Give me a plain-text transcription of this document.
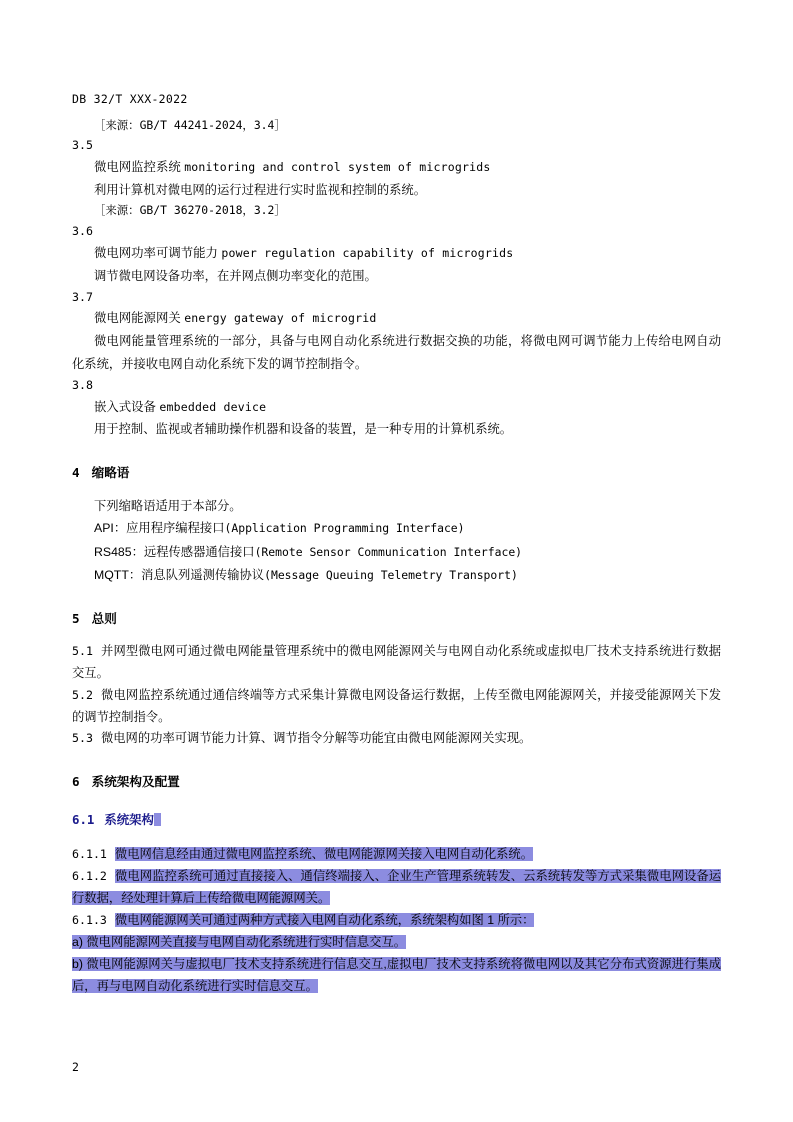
DB 32/T XXX-2022
［来源：GB/T 44241-2024，3.4］
3.5
微电网监控系统 monitoring and control system of microgrids
利用计算机对微电网的运行过程进行实时监视和控制的系统。
［来源：GB/T 36270-2018，3.2］
3.6
微电网功率可调节能力 power regulation capability of microgrids
调节微电网设备功率，在并网点侧功率变化的范围。
3.7
微电网能源网关 energy gateway of microgrid
微电网能量管理系统的一部分，具备与电网自动化系统进行数据交换的功能，将微电网可调节能力上传给电网自动化系统，并接收电网自动化系统下发的调节控制指令。
3.8
嵌入式设备 embedded device
用于控制、监视或者辅助操作机器和设备的装置，是一种专用的计算机系统。
4 缩略语
下列缩略语适用于本部分。
API：应用程序编程接口(Application Programming Interface)
RS485：远程传感器通信接口(Remote Sensor Communication Interface)
MQTT：消息队列遥测传输协议(Message Queuing Telemetry Transport)
5 总则

5.1 并网型微电网可通过微电网能量管理系统中的微电网能源网关与电网自动化系统或虚拟电厂技术支持系统进行数据交互。

5.2 微电网监控系统通过通信终端等方式采集计算微电网设备运行数据，上传至微电网能源网关，并接受能源网关下发的调节控制指令。

5.3 微电网的功率可调节能力计算、调节指令分解等功能宜由微电网能源网关实现。

6 系统架构及配置
6.1 系统架构

6.1.1 微电网信息经由通过微电网监控系统、微电网能源网关接入电网自动化系统。

6.1.2 微电网监控系统可通过直接接入、通信终端接入、企业生产管理系统转发、云系统转发等方式采集微电网设备运行数据，经处理计算后上传给微电网能源网关。

6.1.3 微电网能源网关可通过两种方式接入电网自动化系统，系统架构如图 1 所示：

a) 微电网能源网关直接与电网自动化系统进行实时信息交互。

b) 微电网能源网关与虚拟电厂技术支持系统进行信息交互,虚拟电厂技术支持系统将微电网以及其它分布式资源进行集成后，再与电网自动化系统进行实时信息交互。

2
